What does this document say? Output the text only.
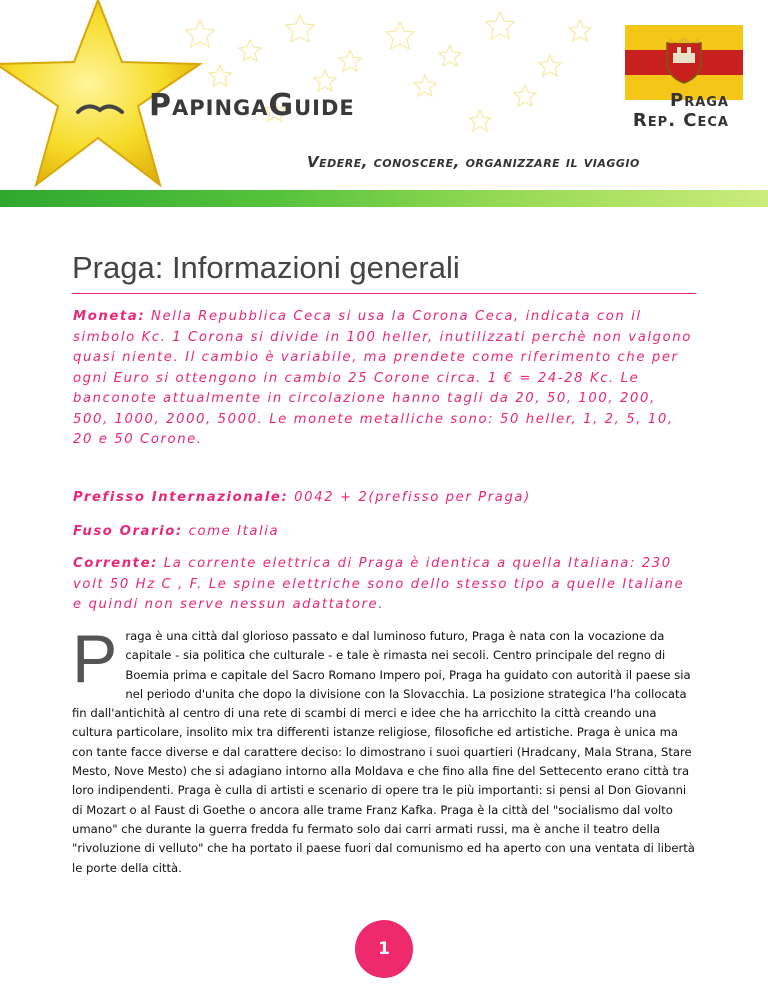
PapingaGuide	Praga
Rep. Ceca
Vedere, conoscere, organizzare il viaggio
Praga: Informazioni generali
Moneta: Nella Repubblica Ceca si usa la Corona Ceca, indicata con il simbolo Kc. 1 Corona si divide in 100 heller, inutilizzati perchè non valgono quasi niente. Il cambio è variabile, ma prendete come riferimento che per ogni Euro si ottengono in cambio 25 Corone circa. 1 € = 24-28 Kc. Le banconote attualmente in circolazione hanno tagli da 20, 50, 100, 200, 500, 1000, 2000, 5000. Le monete metalliche sono: 50 heller, 1, 2, 5, 10, 20 e 50 Corone.
Prefisso Internazionale: 0042 + 2(prefisso per Praga)
Fuso Orario: come Italia
Corrente: La corrente elettrica di Praga è identica a quella Italiana: 230 volt 50 Hz C , F. Le spine elettriche sono dello stesso tipo a quelle Italiane e quindi non serve nessun adattatore.
P raga è una città dal glorioso passato e dal luminoso futuro, Praga è nata con la vocazione da capitale - sia politica che culturale - e tale è rimasta nei secoli. Centro principale del regno di Boemia prima e capitale del Sacro Romano Impero poi, Praga ha guidato con autorità il paese sia nel periodo d'unita che dopo la divisione con la Slovacchia. La posizione strategica l'ha collocata fin dall'antichità al centro di una rete di scambi di merci e idee che ha arricchito la città creando una cultura particolare, insolito mix tra differenti istanze religiose, filosofiche ed artistiche. Praga è unica ma con tante facce diverse e dal carattere deciso: lo dimostrano i suoi quartieri (Hradcany, Mala Strana, Stare Mesto, Nove Mesto) che si adagiano intorno alla Moldava e che fino alla fine del Settecento erano città tra loro indipendenti. Praga è culla di artisti e scenario di opere tra le più importanti: si pensi al Don Giovanni di Mozart o al Faust di Goethe o ancora alle trame Franz Kafka. Praga è la città del "socialismo dal volto umano" che durante la guerra fredda fu fermato solo dai carri armati russi, ma è anche il teatro della "rivoluzione di velluto" che ha portato il paese fuori dal comunismo ed ha aperto con una ventata di libertà le porte della città.
1
